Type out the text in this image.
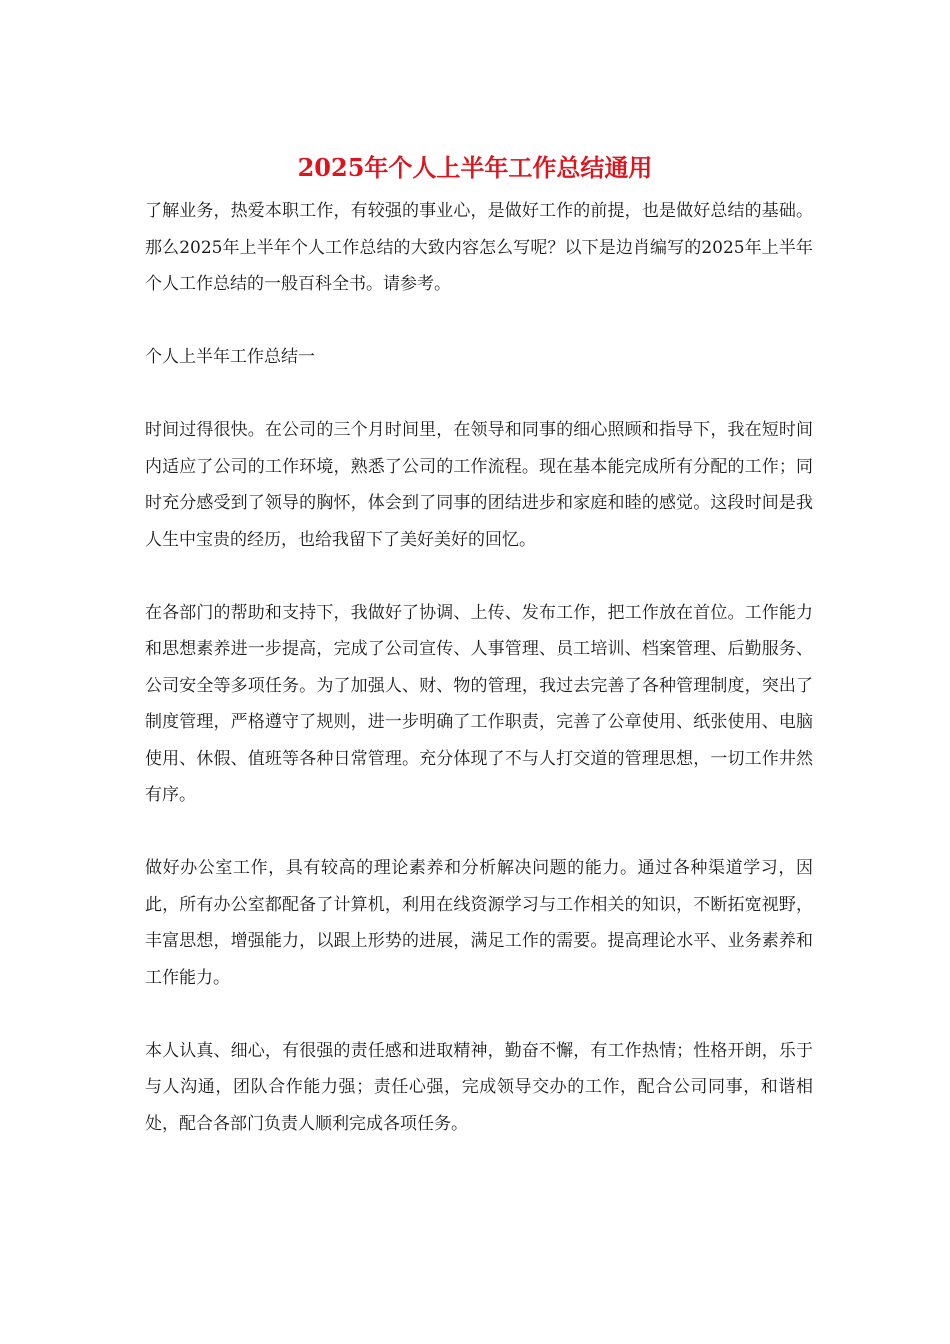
2025年个人上半年工作总结通用

了解业务，热爱本职工作，有较强的事业心，是做好工作的前提，也是做好总结的基础。那么2025年上半年个人工作总结的大致内容怎么写呢？以下是边肖编写的2025年上半年个人工作总结的一般百科全书。请参考。

个人上半年工作总结一

时间过得很快。在公司的三个月时间里，在领导和同事的细心照顾和指导下，我在短时间内适应了公司的工作环境，熟悉了公司的工作流程。现在基本能完成所有分配的工作；同时充分感受到了领导的胸怀，体会到了同事的团结进步和家庭和睦的感觉。这段时间是我人生中宝贵的经历，也给我留下了美好美好的回忆。

在各部门的帮助和支持下，我做好了协调、上传、发布工作，把工作放在首位。工作能力和思想素养进一步提高，完成了公司宣传、人事管理、员工培训、档案管理、后勤服务、公司安全等多项任务。为了加强人、财、物的管理，我过去完善了各种管理制度，突出了制度管理，严格遵守了规则，进一步明确了工作职责，完善了公章使用、纸张使用、电脑使用、休假、值班等各种日常管理。充分体现了不与人打交道的管理思想，一切工作井然有序。

做好办公室工作，具有较高的理论素养和分析解决问题的能力。通过各种渠道学习，因此，所有办公室都配备了计算机，利用在线资源学习与工作相关的知识，不断拓宽视野，丰富思想，增强能力，以跟上形势的进展，满足工作的需要。提高理论水平、业务素养和工作能力。

本人认真、细心，有很强的责任感和进取精神，勤奋不懈，有工作热情；性格开朗，乐于与人沟通，团队合作能力强；责任心强，完成领导交办的工作，配合公司同事，和谐相处，配合各部门负责人顺利完成各项任务。
